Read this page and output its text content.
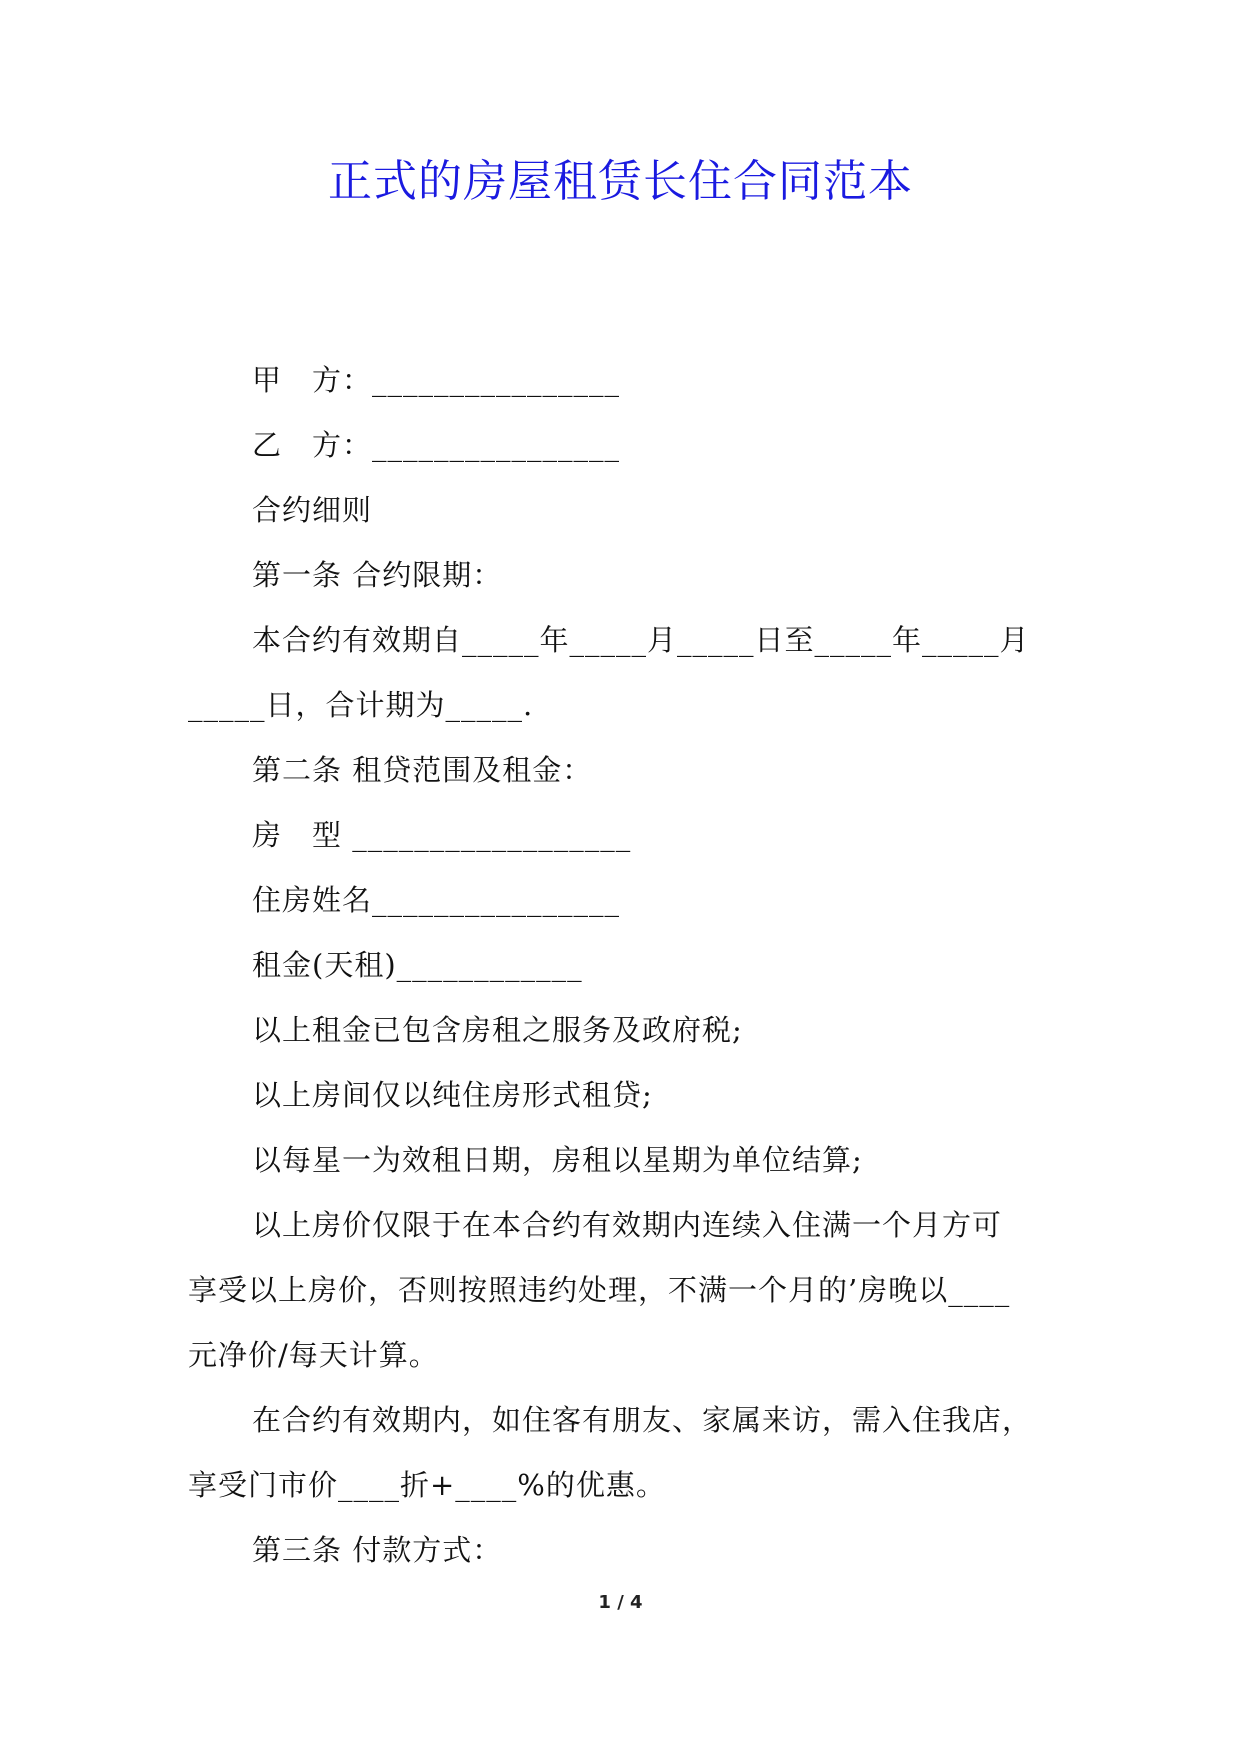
正式的房屋租赁长住合同范本
甲　方：________________
乙　方：________________
合约细则
第一条 合约限期：
本合约有效期自_____年_____月_____日至_____年_____月
_____日，合计期为_____.
第二条 租贷范围及租金：
房　型 __________________
住房姓名________________
租金(天租)____________
以上租金已包含房租之服务及政府税;
以上房间仅以纯住房形式租贷;
以每星一为效租日期，房租以星期为单位结算;
以上房价仅限于在本合约有效期内连续入住满一个月方可
享受以上房价，否则按照违约处理，不满一个月的’房晚以____
元净价/每天计算。
在合约有效期内，如住客有朋友、家属来访，需入住我店，
享受门市价____折+____%的优惠。
第三条 付款方式：
1 / 4
